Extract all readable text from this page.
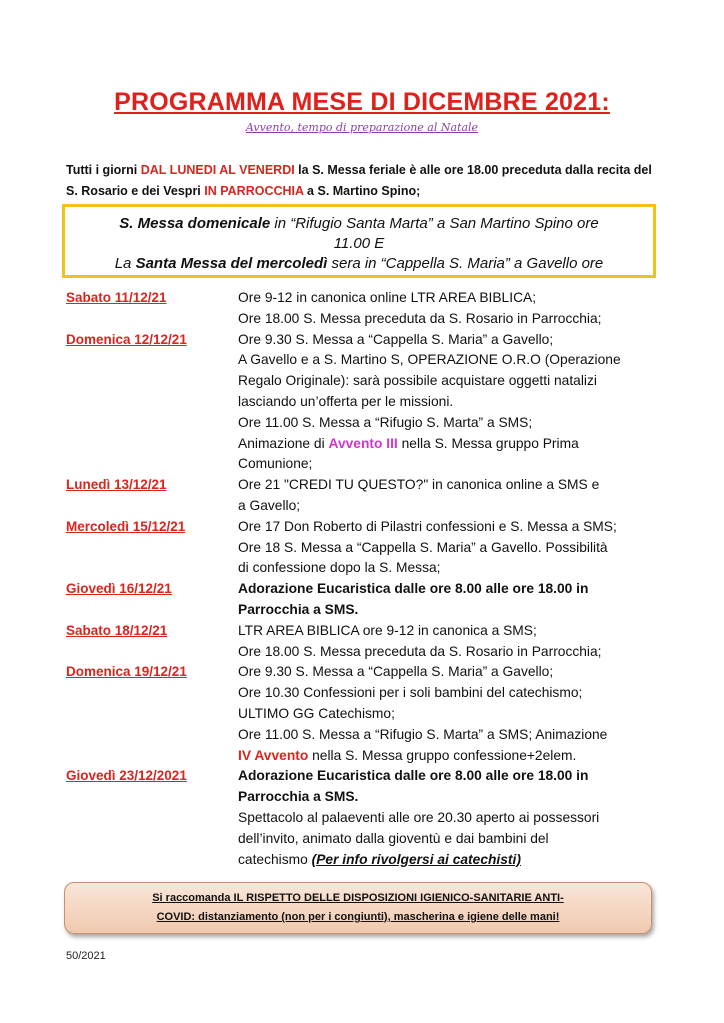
PROGRAMMA MESE DI DICEMBRE 2021:
Avvento, tempo di preparazione al Natale
Tutti i giorni DAL LUNEDI AL VENERDI la S. Messa feriale è alle ore 18.00 preceduta dalla recita del
S. Rosario e dei Vespri IN PARROCCHIA a S. Martino Spino;
S. Messa domenicale in “Rifugio Santa Marta” a San Martino Spino ore
11.00 E
La Santa Messa del mercoledì sera in “Cappella S. Maria” a Gavello ore
Sabato 11/12/21	Ore 9-12 in canonica online LTR AREA BIBLICA;
Ore 18.00 S. Messa preceduta da S. Rosario in Parrocchia;
Domenica 12/12/21	Ore 9.30 S. Messa a “Cappella S. Maria” a Gavello;
A Gavello e a S. Martino S, OPERAZIONE O.R.O (Operazione
Regalo Originale): sarà possibile acquistare oggetti natalizi
lasciando un’offerta per le missioni.
Ore 11.00 S. Messa a “Rifugio S. Marta” a SMS;
Animazione di Avvento III nella S. Messa gruppo Prima
Comunione;
Lunedì 13/12/21	Ore 21 "CREDI TU QUESTO?" in canonica online a SMS e
a Gavello;
Mercoledì 15/12/21	Ore 17 Don Roberto di Pilastri confessioni e S. Messa a SMS;
Ore 18 S. Messa a “Cappella S. Maria” a Gavello. Possibilità
di confessione dopo la S. Messa;
Giovedì 16/12/21	Adorazione Eucaristica dalle ore 8.00 alle ore 18.00 in
Parrocchia a SMS.
Sabato 18/12/21	LTR AREA BIBLICA ore 9-12 in canonica a SMS;
Ore 18.00 S. Messa preceduta da S. Rosario in Parrocchia;
Domenica 19/12/21	Ore 9.30 S. Messa a “Cappella S. Maria” a Gavello;
Ore 10.30 Confessioni per i soli bambini del catechismo;
ULTIMO GG Catechismo;
Ore 11.00 S. Messa a “Rifugio S. Marta” a SMS; Animazione
IV Avvento nella S. Messa gruppo confessione+2elem.
Giovedì 23/12/2021	Adorazione Eucaristica dalle ore 8.00 alle ore 18.00 in
Parrocchia a SMS.
Spettacolo al palaeventi alle ore 20.30 aperto ai possessori
dell’invito, animato dalla gioventù e dai bambini del
catechismo (Per info rivolgersi ai catechisti)
Si raccomanda IL RISPETTO DELLE DISPOSIZIONI IGIENICO-SANITARIE ANTI-
COVID: distanziamento (non per i congiunti), mascherina e igiene delle mani!
50/2021
